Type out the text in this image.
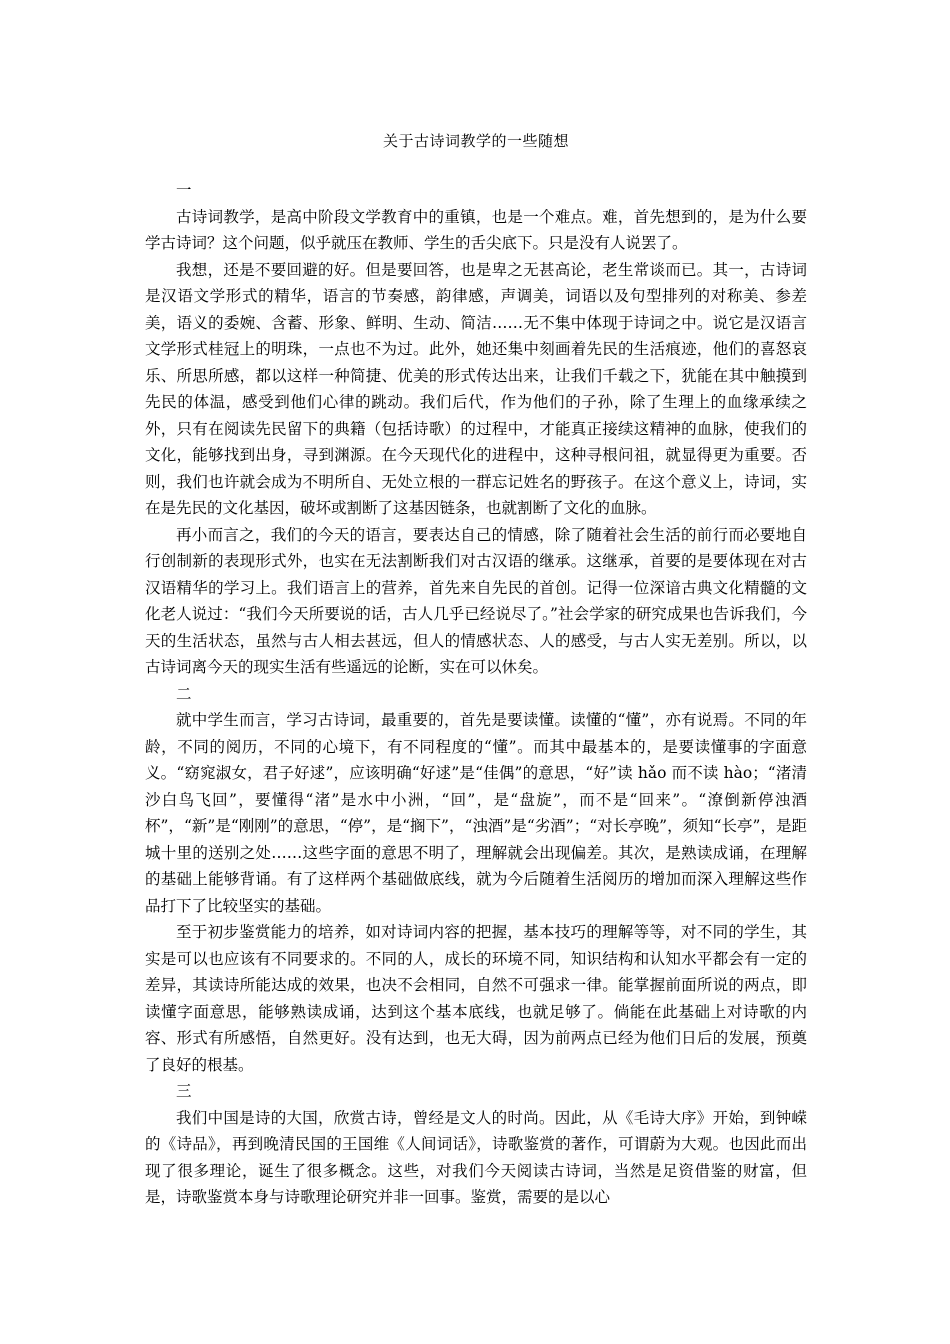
关于古诗词教学的一些随想

一

古诗词教学，是高中阶段文学教育中的重镇，也是一个难点。难，首先想到的，是为什么要学古诗词？这个问题，似乎就压在教师、学生的舌尖底下。只是没有人说罢了。

我想，还是不要回避的好。但是要回答，也是卑之无甚高论，老生常谈而已。其一，古诗词是汉语文学形式的精华，语言的节奏感，韵律感，声调美，词语以及句型排列的对称美、参差美，语义的委婉、含蓄、形象、鲜明、生动、简洁……无不集中体现于诗词之中。说它是汉语言文学形式桂冠上的明珠，一点也不为过。此外，她还集中刻画着先民的生活痕迹，他们的喜怒哀乐、所思所感，都以这样一种简捷、优美的形式传达出来，让我们千载之下，犹能在其中触摸到先民的体温，感受到他们心律的跳动。我们后代，作为他们的子孙，除了生理上的血缘承续之外，只有在阅读先民留下的典籍（包括诗歌）的过程中，才能真正接续这精神的血脉，使我们的文化，能够找到出身，寻到渊源。在今天现代化的进程中，这种寻根问祖，就显得更为重要。否则，我们也许就会成为不明所自、无处立根的一群忘记姓名的野孩子。在这个意义上，诗词，实在是先民的文化基因，破坏或割断了这基因链条，也就割断了文化的血脉。

再小而言之，我们的今天的语言，要表达自己的情感，除了随着社会生活的前行而必要地自行创制新的表现形式外，也实在无法割断我们对古汉语的继承。这继承，首要的是要体现在对古汉语精华的学习上。我们语言上的营养，首先来自先民的首创。记得一位深谙古典文化精髓的文化老人说过：“我们今天所要说的话，古人几乎已经说尽了。”社会学家的研究成果也告诉我们，今天的生活状态，虽然与古人相去甚远，但人的情感状态、人的感受，与古人实无差别。所以，以古诗词离今天的现实生活有些遥远的论断，实在可以休矣。

二

就中学生而言，学习古诗词，最重要的，首先是要读懂。读懂的“懂”，亦有说焉。不同的年龄，不同的阅历，不同的心境下，有不同程度的“懂”。而其中最基本的，是要读懂事的字面意义。“窈窕淑女，君子好逑”，应该明确“好逑”是“佳偶”的意思，“好”读 hǎo 而不读 hào；“渚清沙白鸟飞回”，要懂得“渚”是水中小洲，“回”，是“盘旋”，而不是“回来”。“潦倒新停浊酒杯”，“新”是“刚刚”的意思，“停”，是“搁下”，“浊酒”是“劣酒”；“对长亭晚”，须知“长亭”，是距城十里的送别之处……这些字面的意思不明了，理解就会出现偏差。其次，是熟读成诵，在理解的基础上能够背诵。有了这样两个基础做底线，就为今后随着生活阅历的增加而深入理解这些作品打下了比较坚实的基础。

至于初步鉴赏能力的培养，如对诗词内容的把握，基本技巧的理解等等，对不同的学生，其实是可以也应该有不同要求的。不同的人，成长的环境不同，知识结构和认知水平都会有一定的差异，其读诗所能达成的效果，也决不会相同，自然不可强求一律。能掌握前面所说的两点，即读懂字面意思，能够熟读成诵，达到这个基本底线，也就足够了。倘能在此基础上对诗歌的内容、形式有所感悟，自然更好。没有达到，也无大碍，因为前两点已经为他们日后的发展，预奠了良好的根基。

三

我们中国是诗的大国，欣赏古诗，曾经是文人的时尚。因此，从《毛诗大序》开始，到钟嵘的《诗品》，再到晚清民国的王国维《人间词话》，诗歌鉴赏的著作，可谓蔚为大观。也因此而出现了很多理论，诞生了很多概念。这些，对我们今天阅读古诗词，当然是足资借鉴的财富，但是，诗歌鉴赏本身与诗歌理论研究并非一回事。鉴赏，需要的是以心
